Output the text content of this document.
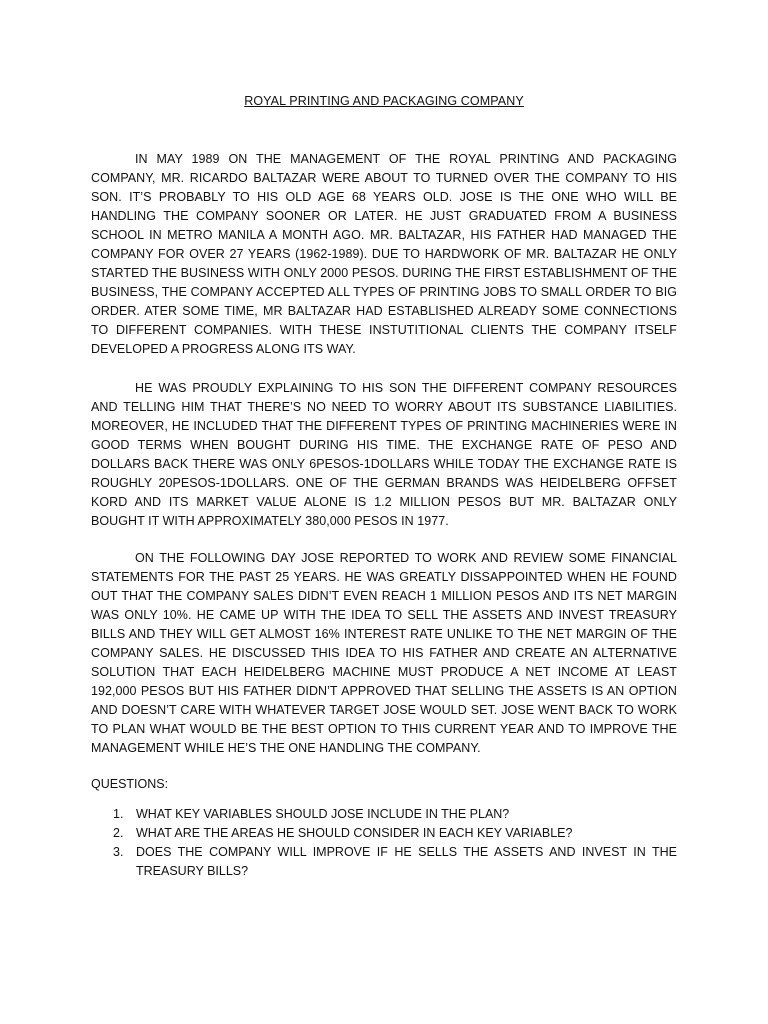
ROYAL PRINTING AND PACKAGING COMPANY

IN MAY 1989 ON THE MANAGEMENT OF THE ROYAL PRINTING AND PACKAGING COMPANY, MR. RICARDO BALTAZAR WERE ABOUT TO TURNED OVER THE COMPANY TO HIS SON. IT’S PROBABLY TO HIS OLD AGE 68 YEARS OLD. JOSE IS THE ONE WHO WILL BE HANDLING THE COMPANY SOONER OR LATER. HE JUST GRADUATED FROM A BUSINESS SCHOOL IN METRO MANILA A MONTH AGO. MR. BALTAZAR, HIS FATHER HAD MANAGED THE COMPANY FOR OVER 27 YEARS (1962-1989). DUE TO HARDWORK OF MR. BALTAZAR HE ONLY STARTED THE BUSINESS WITH ONLY 2000 PESOS. DURING THE FIRST ESTABLISHMENT OF THE BUSINESS, THE COMPANY ACCEPTED ALL TYPES OF PRINTING JOBS TO SMALL ORDER TO BIG ORDER. ATER SOME TIME, MR BALTAZAR HAD ESTABLISHED ALREADY SOME CONNECTIONS TO DIFFERENT COMPANIES. WITH THESE INSTUTITIONAL CLIENTS THE COMPANY ITSELF DEVELOPED A PROGRESS ALONG ITS WAY.

HE WAS PROUDLY EXPLAINING TO HIS SON THE DIFFERENT COMPANY RESOURCES AND TELLING HIM THAT THERE’S NO NEED TO WORRY ABOUT ITS SUBSTANCE LIABILITIES. MOREOVER, HE INCLUDED THAT THE DIFFERENT TYPES OF PRINTING MACHINERIES WERE IN GOOD TERMS WHEN BOUGHT DURING HIS TIME. THE EXCHANGE RATE OF PESO AND DOLLARS BACK THERE WAS ONLY 6PESOS-1DOLLARS WHILE TODAY THE EXCHANGE RATE IS ROUGHLY 20PESOS-1DOLLARS. ONE OF THE GERMAN BRANDS WAS HEIDELBERG OFFSET KORD AND ITS MARKET VALUE ALONE IS 1.2 MILLION PESOS BUT MR. BALTAZAR ONLY BOUGHT IT WITH APPROXIMATELY 380,000 PESOS IN 1977.

ON THE FOLLOWING DAY JOSE REPORTED TO WORK AND REVIEW SOME FINANCIAL STATEMENTS FOR THE PAST 25 YEARS. HE WAS GREATLY DISSAPPOINTED WHEN HE FOUND OUT THAT THE COMPANY SALES DIDN’T EVEN REACH 1 MILLION PESOS AND ITS NET MARGIN WAS ONLY 10%. HE CAME UP WITH THE IDEA TO SELL THE ASSETS AND INVEST TREASURY BILLS AND THEY WILL GET ALMOST 16% INTEREST RATE UNLIKE TO THE NET MARGIN OF THE COMPANY SALES. HE DISCUSSED THIS IDEA TO HIS FATHER AND CREATE AN ALTERNATIVE SOLUTION THAT EACH HEIDELBERG MACHINE MUST PRODUCE A NET INCOME AT LEAST 192,000 PESOS BUT HIS FATHER DIDN’T APPROVED THAT SELLING THE ASSETS IS AN OPTION AND DOESN’T CARE WITH WHATEVER TARGET JOSE WOULD SET. JOSE WENT BACK TO WORK TO PLAN WHAT WOULD BE THE BEST OPTION TO THIS CURRENT YEAR AND TO IMPROVE THE MANAGEMENT WHILE HE’S THE ONE HANDLING THE COMPANY.

QUESTIONS:
1. WHAT KEY VARIABLES SHOULD JOSE INCLUDE IN THE PLAN?
2. WHAT ARE THE AREAS HE SHOULD CONSIDER IN EACH KEY VARIABLE?
3. DOES THE COMPANY WILL IMPROVE IF HE SELLS THE ASSETS AND INVEST IN THE TREASURY BILLS?
